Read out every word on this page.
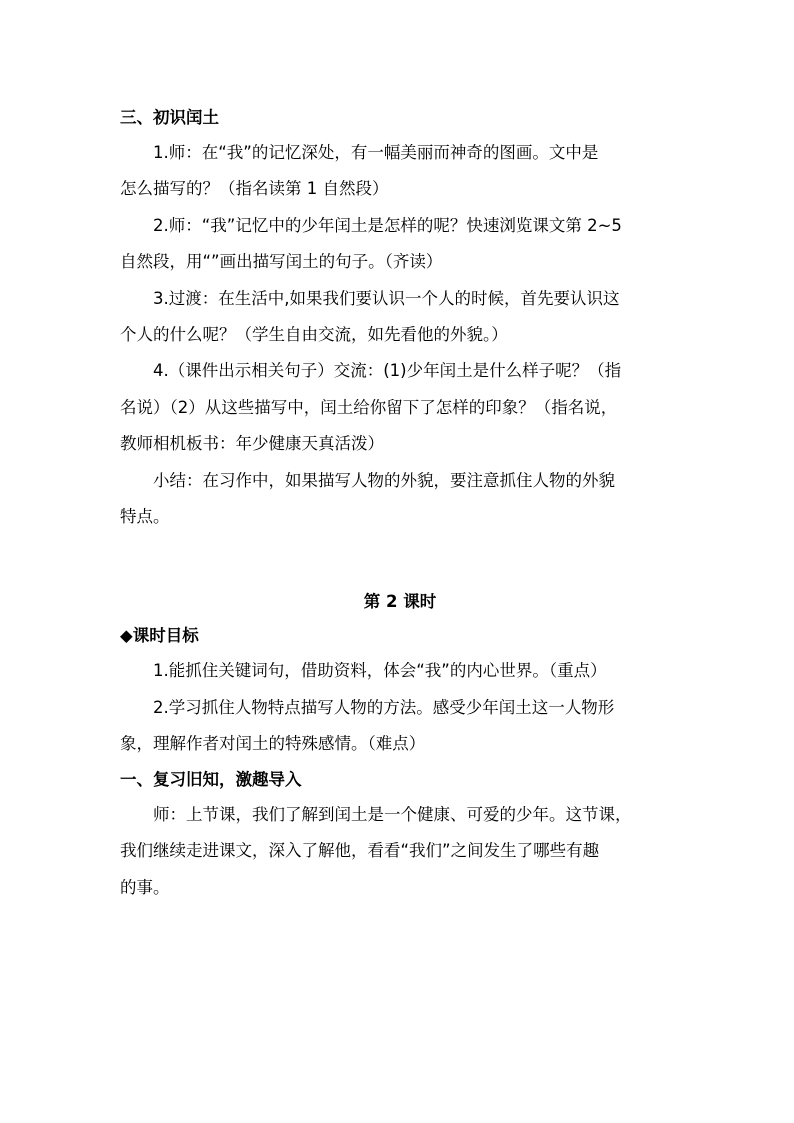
三、初识闰土

1.师：在“我”的记忆深处，有一幅美丽而神奇的图画。文中是

怎么描写的？（指名读第 1 自然段）

2.师：“我”记忆中的少年闰土是怎样的呢？快速浏览课文第 2~5

自然段，用“”画出描写闰土的句子。（齐读）

3.过渡：在生活中,如果我们要认识一个人的时候，首先要认识这

个人的什么呢？（学生自由交流，如先看他的外貌。）

4.（课件出示相关句子）交流：(1)少年闰土是什么样子呢？（指

名说）（2）从这些描写中，闰土给你留下了怎样的印象？（指名说，

教师相机板书：年少健康天真活泼）

小结：在习作中，如果描写人物的外貌，要注意抓住人物的外貌

特点。

第 2 课时

◆课时目标

1.能抓住关键词句，借助资料，体会“我”的内心世界。（重点）

2.学习抓住人物特点描写人物的方法。感受少年闰土这一人物形

象，理解作者对闰土的特殊感情。（难点）

一、复习旧知，激趣导入

师：上节课，我们了解到闰土是一个健康、可爱的少年。这节课，

我们继续走进课文，深入了解他，看看“我们”之间发生了哪些有趣

的事。
